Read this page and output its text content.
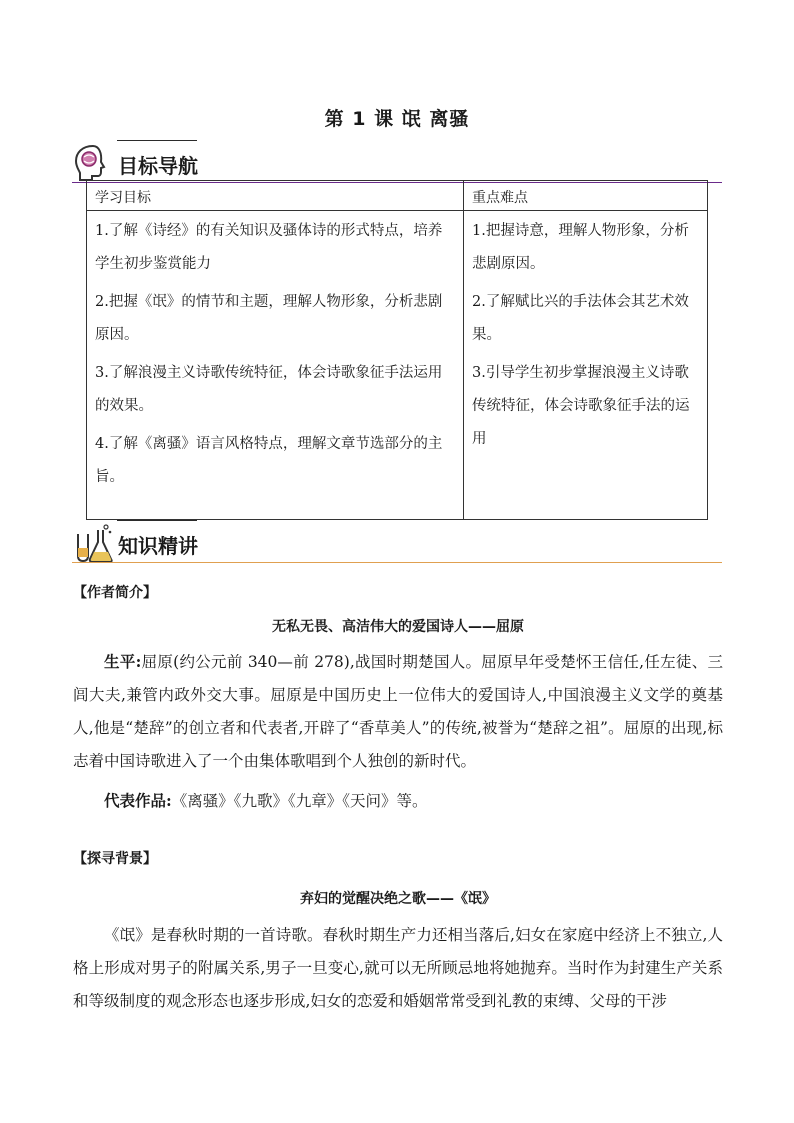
第 1 课 氓 离骚
目标导航
学习目标

1.了解《诗经》的有关知识及骚体诗的形式特点，培养学生初步鉴赏能力

2.把握《氓》的情节和主题，理解人物形象，分析悲剧原因。

3.了解浪漫主义诗歌传统特征，体会诗歌象征手法运用的效果。

4.了解《离骚》语言风格特点，理解文章节选部分的主旨。

重点难点

1.把握诗意，理解人物形象，分析悲剧原因。

2.了解赋比兴的手法体会其艺术效果。

3.引导学生初步掌握浪漫主义诗歌传统特征，体会诗歌象征手法的运用

知识精讲
【作者简介】
无私无畏、高洁伟大的爱国诗人——屈原

生平:屈原(约公元前 340—前 278),战国时期楚国人。屈原早年受楚怀王信任,任左徒、三闾大夫,兼管内政外交大事。屈原是中国历史上一位伟大的爱国诗人,中国浪漫主义文学的奠基人,他是“楚辞”的创立者和代表者,开辟了“香草美人”的传统,被誉为“楚辞之祖”。屈原的出现,标志着中国诗歌进入了一个由集体歌唱到个人独创的新时代。

代表作品:《离骚》《九歌》《九章》《天问》等。

【探寻背景】
弃妇的觉醒决绝之歌——《氓》

《氓》是春秋时期的一首诗歌。春秋时期生产力还相当落后,妇女在家庭中经济上不独立,人格上形成对男子的附属关系,男子一旦变心,就可以无所顾忌地将她抛弃。当时作为封建生产关系和等级制度的观念形态也逐步形成,妇女的恋爱和婚姻常常受到礼教的束缚、父母的干涉
